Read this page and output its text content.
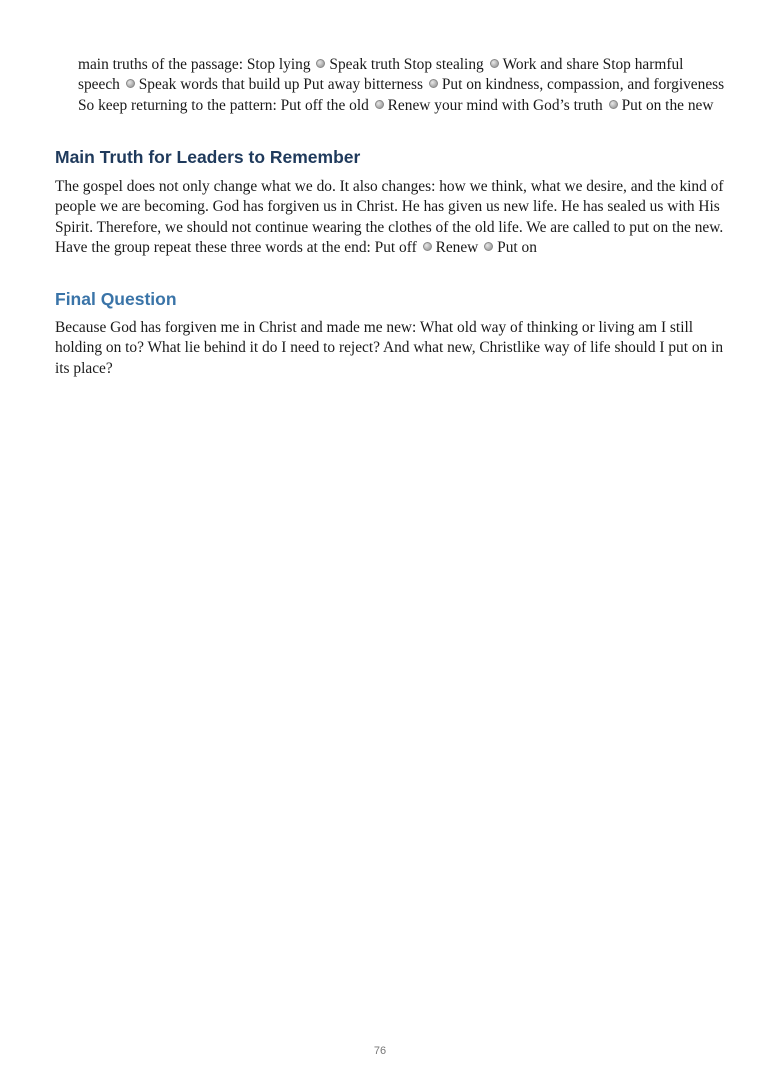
main truths of the passage: Stop lying Speak truth Stop stealing Work and share Stop harmful speech Speak words that build up Put away bitterness Put on kindness, compassion, and forgiveness So keep returning to the pattern: Put off the old Renew your mind with God’s truth Put on the new

Main Truth for Leaders to Remember

The gospel does not only change what we do. It also changes: how we think, what we desire, and the kind of people we are becoming. God has forgiven us in Christ. He has given us new life. He has sealed us with His Spirit. Therefore, we should not continue wearing the clothes of the old life. We are called to put on the new. Have the group repeat these three words at the end: Put off Renew Put on

Final Question

Because God has forgiven me in Christ and made me new: What old way of thinking or living am I still holding on to? What lie behind it do I need to reject? And what new, Christlike way of life should I put on in its place?

76
